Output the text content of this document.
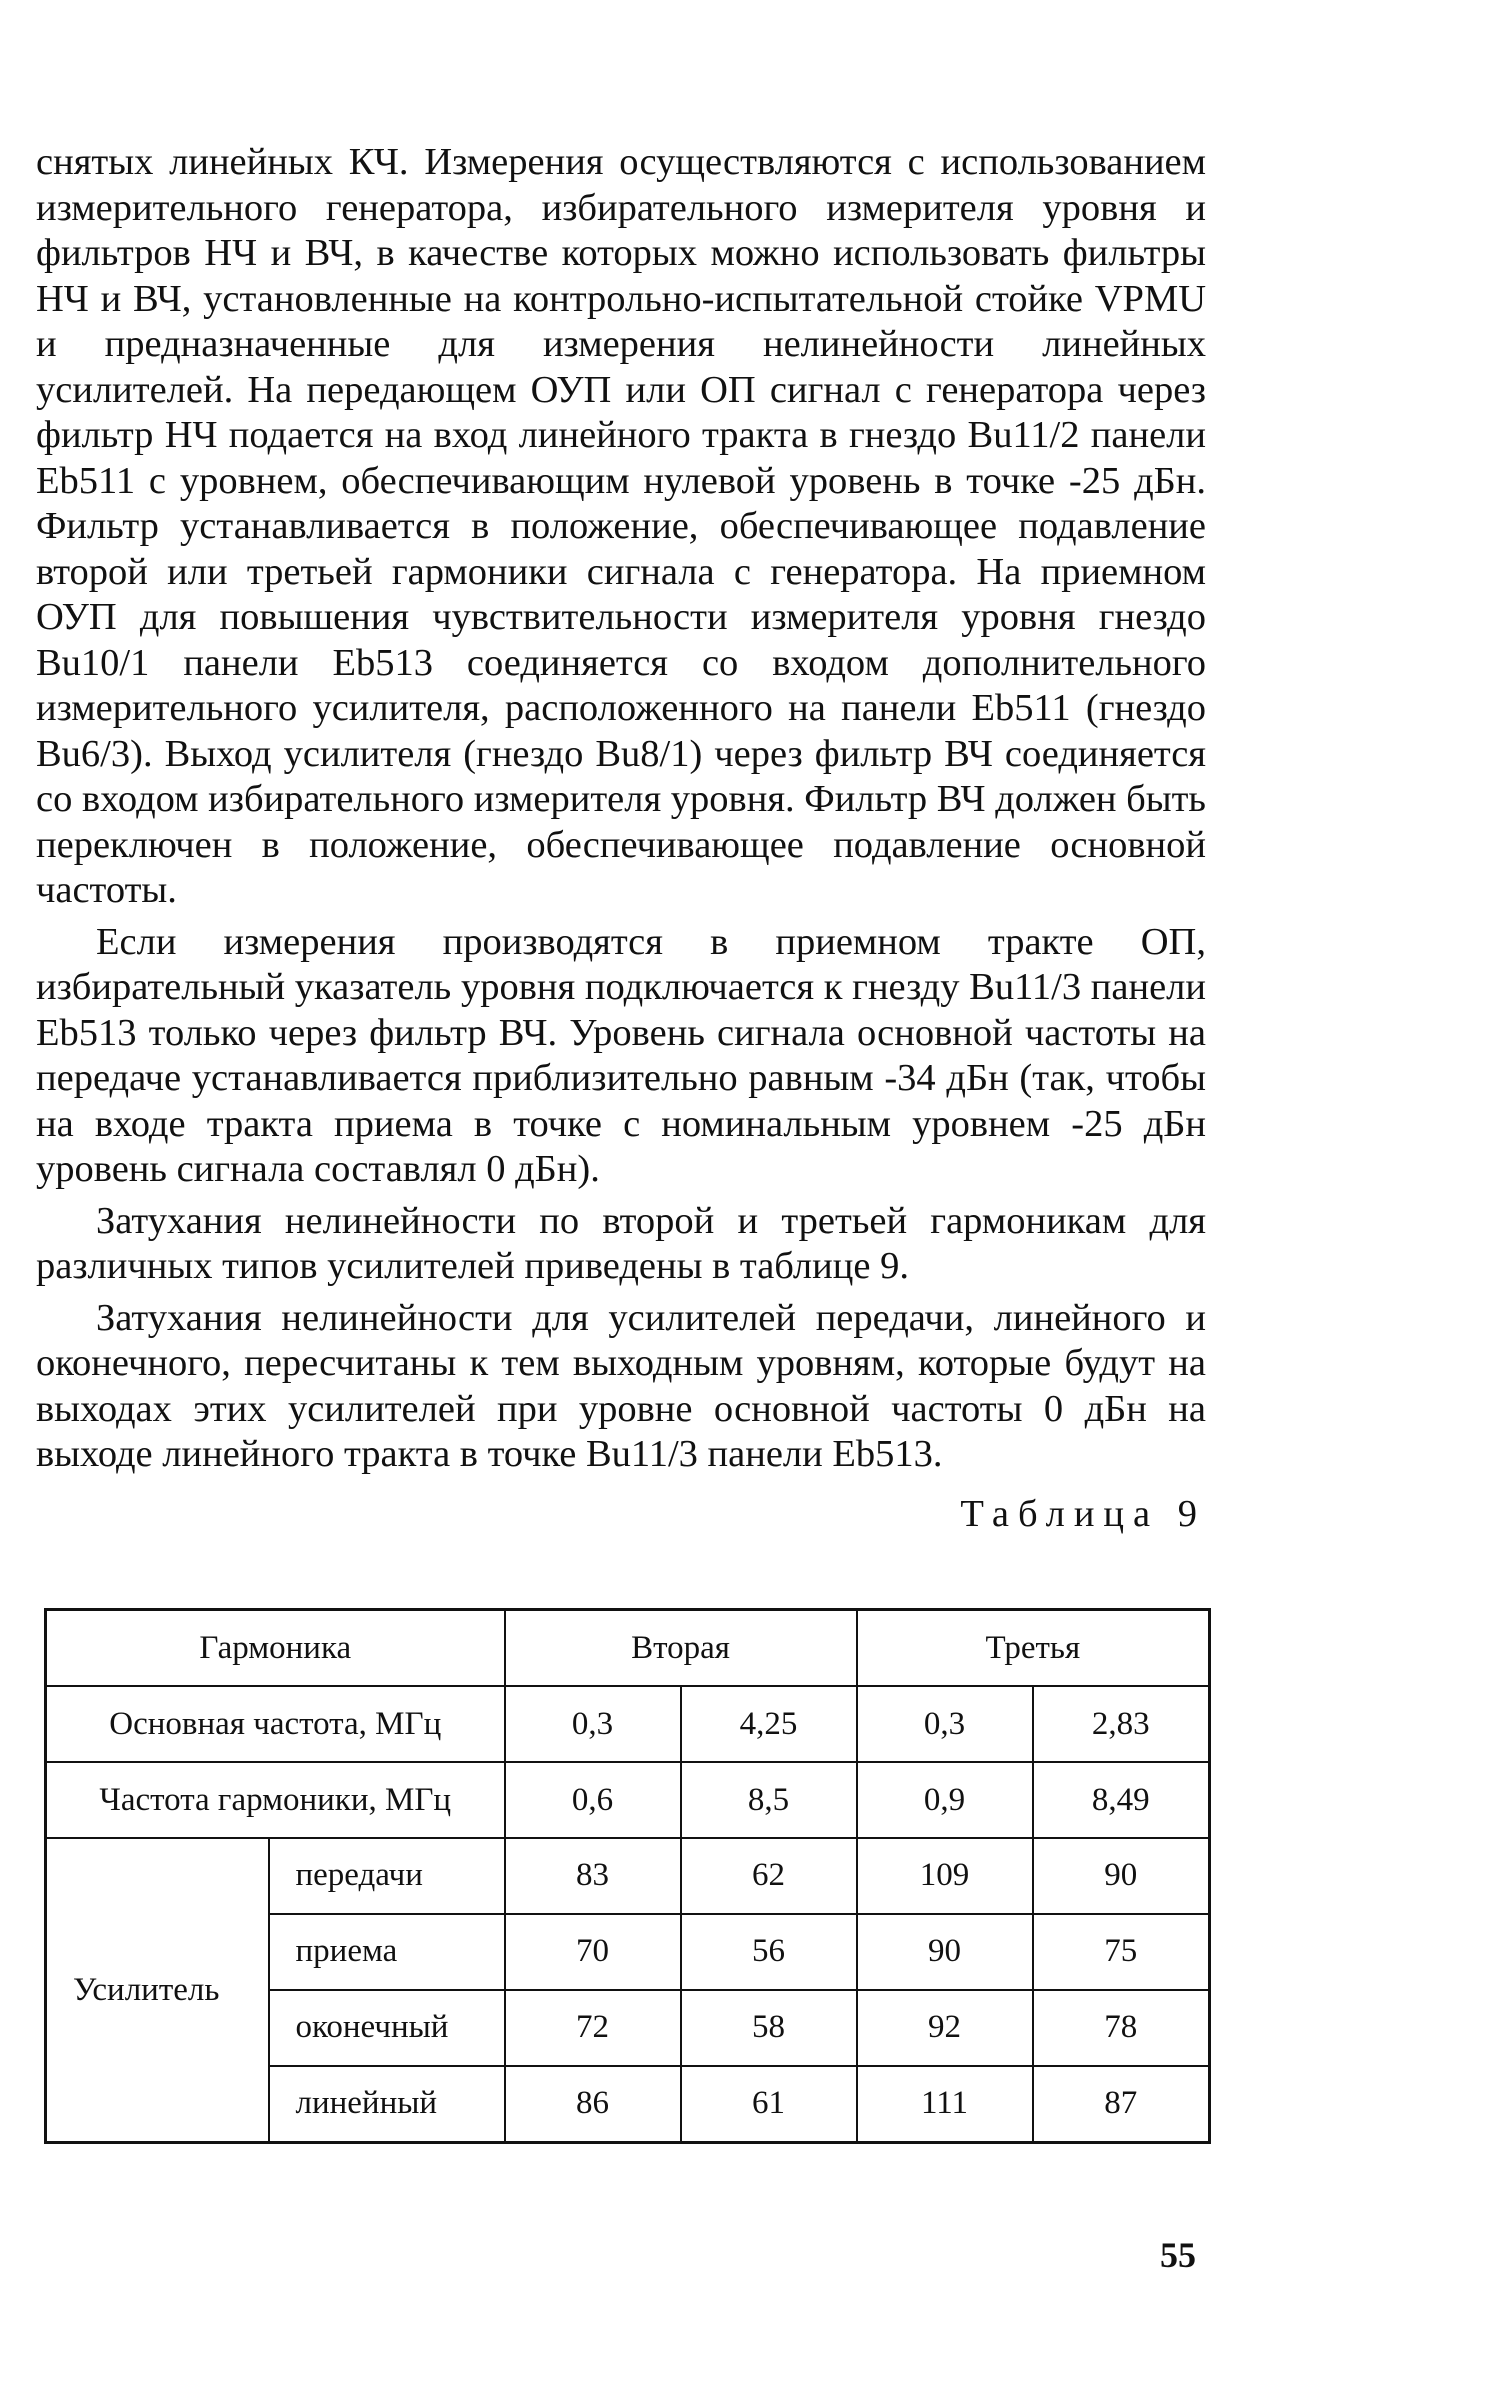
снятых линейных КЧ. Измерения осуществляются с использованием измерительного генератора, избирательного измерителя уровня и фильтров НЧ и ВЧ, в качестве которых можно использовать фильтры НЧ и ВЧ, установленные на контрольно-испытательной стойке VPMU и предназначенные для измерения нелинейности линейных усилителей. На передающем ОУП или ОП сигнал с генератора через фильтр НЧ подается на вход линейного тракта в гнездо Bu11/2 панели Eb511 с уровнем, обеспечивающим нулевой уровень в точке -25 дБн. Фильтр устанавливается в положение, обеспечивающее подавление второй или третьей гармоники сигнала с генератора. На приемном ОУП для повышения чувствительности измерителя уровня гнездо Bu10/1 панели Eb513 соединяется со входом дополнительного измерительного усилителя, расположенного на панели Eb511 (гнездо Bu6/3). Выход усилителя (гнездо Bu8/1) через фильтр ВЧ соединяется со входом избирательного измерителя уровня. Фильтр ВЧ должен быть переключен в положение, обеспечивающее подавление основной частоты.

Если измерения производятся в приемном тракте ОП, избирательный указатель уровня подключается к гнезду Bu11/3 панели Eb513 только через фильтр ВЧ. Уровень сигнала основной частоты на передаче устанавливается приблизительно равным -34 дБн (так, чтобы на входе тракта приема в точке с номинальным уровнем -25 дБн уровень сигнала составлял 0 дБн).

Затухания нелинейности по второй и третьей гармоникам для различных типов усилителей приведены в таблице 9.

Затухания нелинейности для усилителей передачи, линейного и оконечного, пересчитаны к тем выходным уровням, которые будут на выходах этих усилителей при уровне основной частоты 0 дБн на выходе линейного тракта в точке Bu11/3 панели Eb513.

Таблица 9

Гармоника		Вторая		Третья	
Основная частота, МГц		0,3	4,25	0,3	2,83
Частота гармоники, МГц		0,6	8,5	0,9	8,49
Усилитель	передачи	83	62	109	90
	приема	70	56	90	75
	оконечный	72	58	92	78
	линейный	86	61	111	87
55
